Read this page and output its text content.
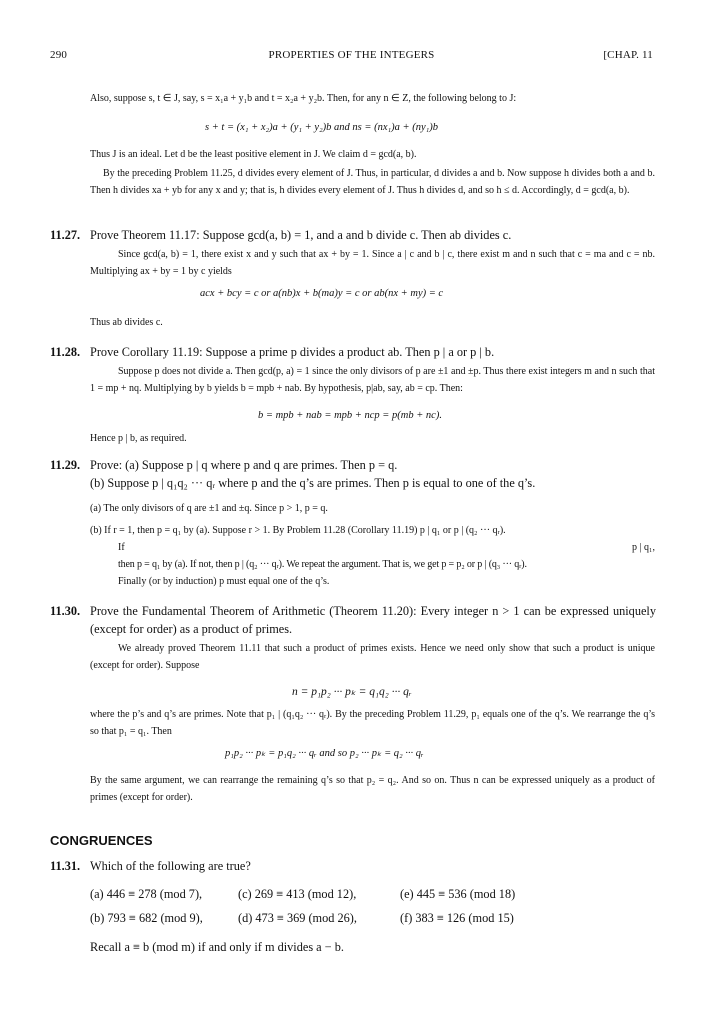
290	PROPERTIES OF THE INTEGERS	[CHAP. 11
Also, suppose s, t ∈ J, say, s = x₁a + y₁b and t = x₂a + y₂b. Then, for any n ∈ Z, the following belong to J:
s + t = (x₁ + x₂)a + (y₁ + y₂)b and ns = (nx₁)a + (ny₁)b
Thus J is an ideal. Let d be the least positive element in J. We claim d = gcd(a, b).
By the preceding Problem 11.25, d divides every element of J. Thus, in particular, d divides a and b. Now suppose h divides both a and b. Then h divides xa + yb for any x and y; that is, h divides every element of J. Thus h divides d, and so h ≤ d. Accordingly, d = gcd(a, b).
11.27. Prove Theorem 11.17: Suppose gcd(a, b) = 1, and a and b divide c. Then ab divides c.
Since gcd(a, b) = 1, there exist x and y such that ax + by = 1. Since a | c and b | c, there exist m and n such that c = ma and c = nb. Multiplying ax + by = 1 by c yields
acx + bcy = c or a(nb)x + b(ma)y = c or ab(nx + my) = c
Thus ab divides c.
11.28. Prove Corollary 11.19: Suppose a prime p divides a product ab. Then p | a or p | b.
Suppose p does not divide a. Then gcd(p, a) = 1 since the only divisors of p are ±1 and ±p. Thus there exist integers m and n such that 1 = mp + nq. Multiplying by b yields b = mpb + nab. By hypothesis, p|ab, say, ab = cp. Then:
b = mpb + nab = mpb + ncp = p(mb + nc).
Hence p | b, as required.
11.29. Prove: (a) Suppose p | q where p and q are primes. Then p = q.
(b) Suppose p | q₁q₂ ··· qᵣ where p and the q’s are primes. Then p is equal to one of the q’s.
(a) The only divisors of q are ±1 and ±q. Since p > 1, p = q.
(b) If r = 1, then p = q₁ by (a). Suppose r > 1. By Problem 11.28 (Corollary 11.19) p | q₁ or p | (q₂ ··· qᵣ).
If	p | q₁,
then p = q₁ by (a). If not, then p | (q₂ ··· qᵣ). We repeat the argument. That is, we get p = p₂ or p | (q₃ ··· qᵣ).
Finally (or by induction) p must equal one of the q’s.
11.30. Prove the Fundamental Theorem of Arithmetic (Theorem 11.20): Every integer n > 1 can be expressed uniquely (except for order) as a product of primes.
We already proved Theorem 11.11 that such a product of primes exists. Hence we need only show that such a product is unique (except for order). Suppose
n = p₁p₂ ··· pₖ = q₁q₂ ··· qᵣ
where the p’s and q’s are primes. Note that p₁ | (q₁q₂ ··· qᵣ). By the preceding Problem 11.29, p₁ equals one of the q’s. We rearrange the q’s so that p₁ = q₁. Then
p₁p₂ ··· pₖ = p₁q₂ ··· qᵣ and so p₂ ··· pₖ = q₂ ··· qᵣ
By the same argument, we can rearrange the remaining q’s so that p₂ = q₂. And so on. Thus n can be expressed uniquely as a product of primes (except for order).
CONGRUENCES
11.31. Which of the following are true?
(a) 446 ≡ 278 (mod 7),	(c) 269 ≡ 413 (mod 12),	(e) 445 ≡ 536 (mod 18)
(b) 793 ≡ 682 (mod 9),	(d) 473 ≡ 369 (mod 26),	(f) 383 ≡ 126 (mod 15)
Recall a ≡ b (mod m) if and only if m divides a − b.
